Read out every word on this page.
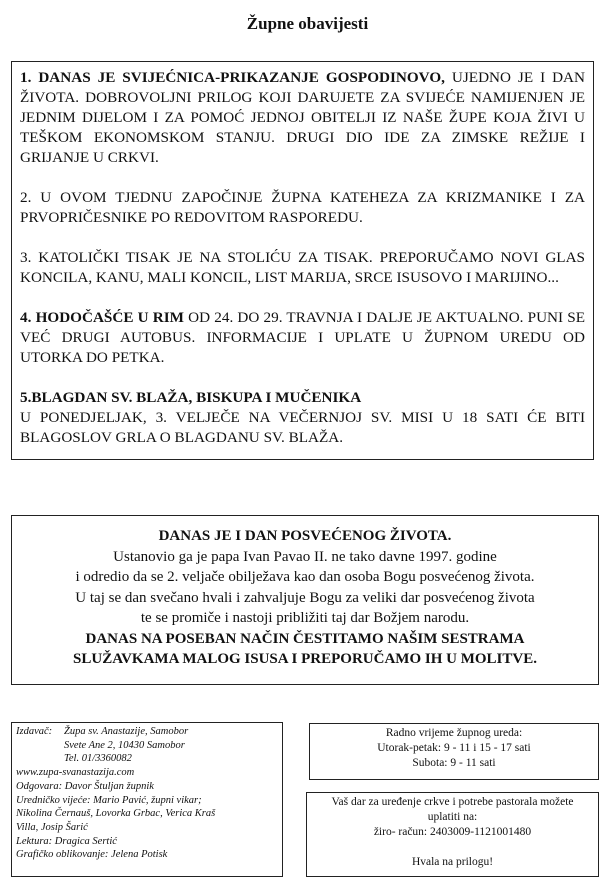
Župne obavijesti

1. DANAS JE SVIJEĆNICA-PRIKAZANJE GOSPODINOVO, UJEDNO JE I DAN ŽIVOTA. DOBROVOLJNI PRILOG KOJI DARUJETE ZA SVIJEĆE NAMIJENJEN JE JEDNIM DIJELOM I ZA POMOĆ JEDNOJ OBITELJI IZ NAŠE ŽUPE KOJA ŽIVI U TEŠKOM EKONOMSKOM STANJU. DRUGI DIO IDE ZA ZIMSKE REŽIJE I GRIJANJE U CRKVI.

2. U OVOM TJEDNU ZAPOČINJE ŽUPNA KATEHEZA ZA KRIZMANIKE I ZA PRVOPRIČESNIKE PO REDOVITOM RASPOREDU.

3. KATOLIČKI TISAK JE NA STOLIĆU ZA TISAK. PREPORUČAMO NOVI GLAS KONCILA, KANU, MALI KONCIL, LIST MARIJA, SRCE ISUSOVO I MARIJINO...

4. HODOČAŠĆE U RIM OD 24. DO 29. TRAVNJA I DALJE JE AKTUALNO. PUNI SE VEĆ DRUGI AUTOBUS. INFORMACIJE I UPLATE U ŽUPNOM UREDU OD UTORKA DO PETKA.

5.BLAGDAN SV. BLAŽA, BISKUPA I MUČENIKA
U PONEDJELJAK, 3. VELJEČE NA VEČERNJOJ SV. MISI U 18 SATI ĆE BITI BLAGOSLOV GRLA O BLAGDANU SV. BLAŽA.

DANAS JE I DAN POSVEĆENOG ŽIVOTA.
Ustanovio ga je papa Ivan Pavao II. ne tako davne 1997. godine
i odredio da se 2. veljače obilježava kao dan osoba Bogu posvećenog života.
U taj se dan svečano hvali i zahvaljuje Bogu za veliki dar posvećenog života
te se promiče i nastoji približiti taj dar Božjem narodu.
DANAS NA POSEBAN NAČIN ČESTITAMO NAŠIM SESTRAMA
SLUŽAVKAMA MALOG ISUSA I PREPORUČAMO IH U MOLITVE.
Izdavač:	Župa sv. Anastazije, Samobor
Svete Ane 2, 10430 Samobor
Tel. 01/3360082
www.zupa-svanastazija.com
Odgovara: Davor Štuljan župnik
Uredničko vijeće: Mario Pavić, župni vikar;
Nikolina Černauš, Lovorka Grbac, Verica Kraš
Villa, Josip Šarić
Lektura: Dragica Sertić
Grafičko oblikovanje: Jelena Potisk
Radno vrijeme župnog ureda:
Utorak-petak: 9 - 11 i 15 - 17 sati
Subota: 9 - 11 sati
Vaš dar za uređenje crkve i potrebe pastorala možete
uplatiti na:
žiro- račun: 2403009-1121001480
Hvala na prilogu!
